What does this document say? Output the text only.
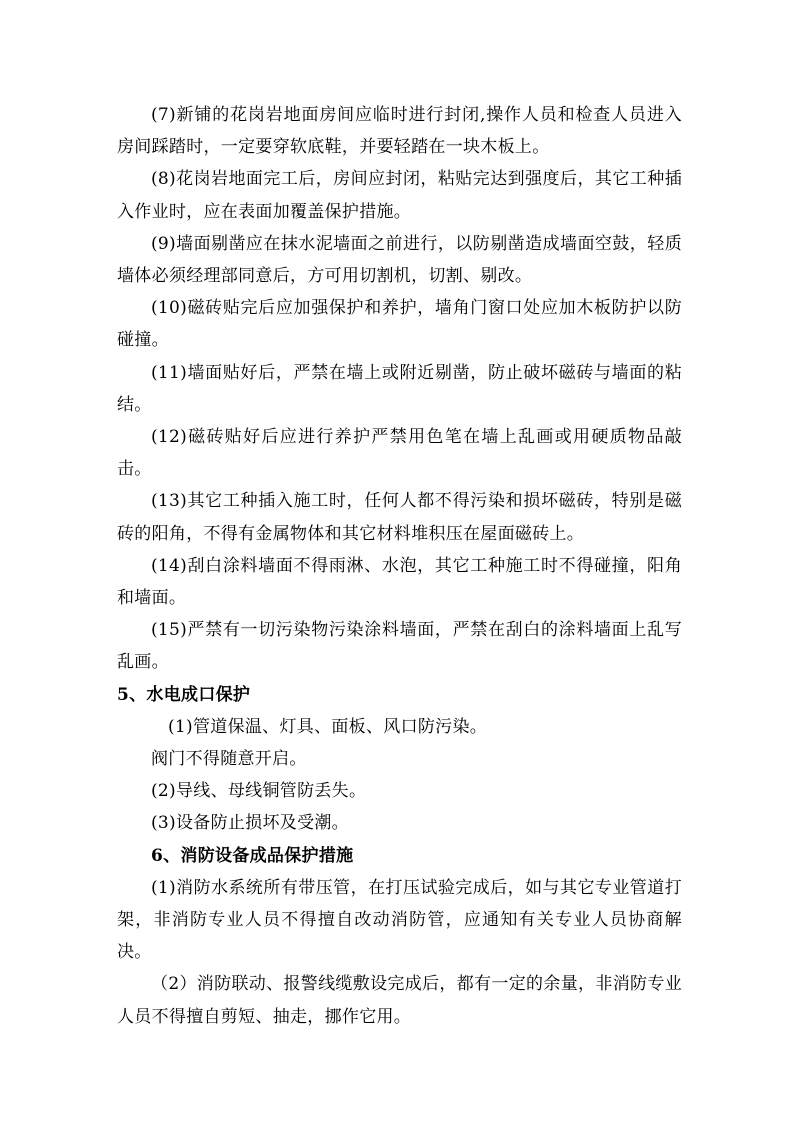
(7)新铺的花岗岩地面房间应临时进行封闭,操作人员和检查人员进入房间踩踏时，一定要穿软底鞋，并要轻踏在一块木板上。

(8)花岗岩地面完工后，房间应封闭，粘贴完达到强度后，其它工种插入作业时，应在表面加覆盖保护措施。

(9)墙面剔凿应在抹水泥墙面之前进行，以防剔凿造成墙面空鼓，轻质墙体必须经理部同意后，方可用切割机，切割、剔改。

(10)磁砖贴完后应加强保护和养护，墙角门窗口处应加木板防护以防碰撞。

(11)墙面贴好后，严禁在墙上或附近剔凿，防止破坏磁砖与墙面的粘结。

(12)磁砖贴好后应进行养护严禁用色笔在墙上乱画或用硬质物品敲击。

(13)其它工种插入施工时，任何人都不得污染和损坏磁砖，特别是磁砖的阳角，不得有金属物体和其它材料堆积压在屋面磁砖上。

(14)刮白涂料墙面不得雨淋、水泡，其它工种施工时不得碰撞，阳角和墙面。

(15)严禁有一切污染物污染涂料墙面，严禁在刮白的涂料墙面上乱写乱画。

5、水电成口保护

(1)管道保温、灯具、面板、风口防污染。

阀门不得随意开启。

(2)导线、母线铜管防丢失。

(3)设备防止损坏及受潮。

6、消防设备成品保护措施

(1)消防水系统所有带压管，在打压试验完成后，如与其它专业管道打架，非消防专业人员不得擅自改动消防管，应通知有关专业人员协商解决。

（2）消防联动、报警线缆敷设完成后，都有一定的余量，非消防专业人员不得擅自剪短、抽走，挪作它用。
